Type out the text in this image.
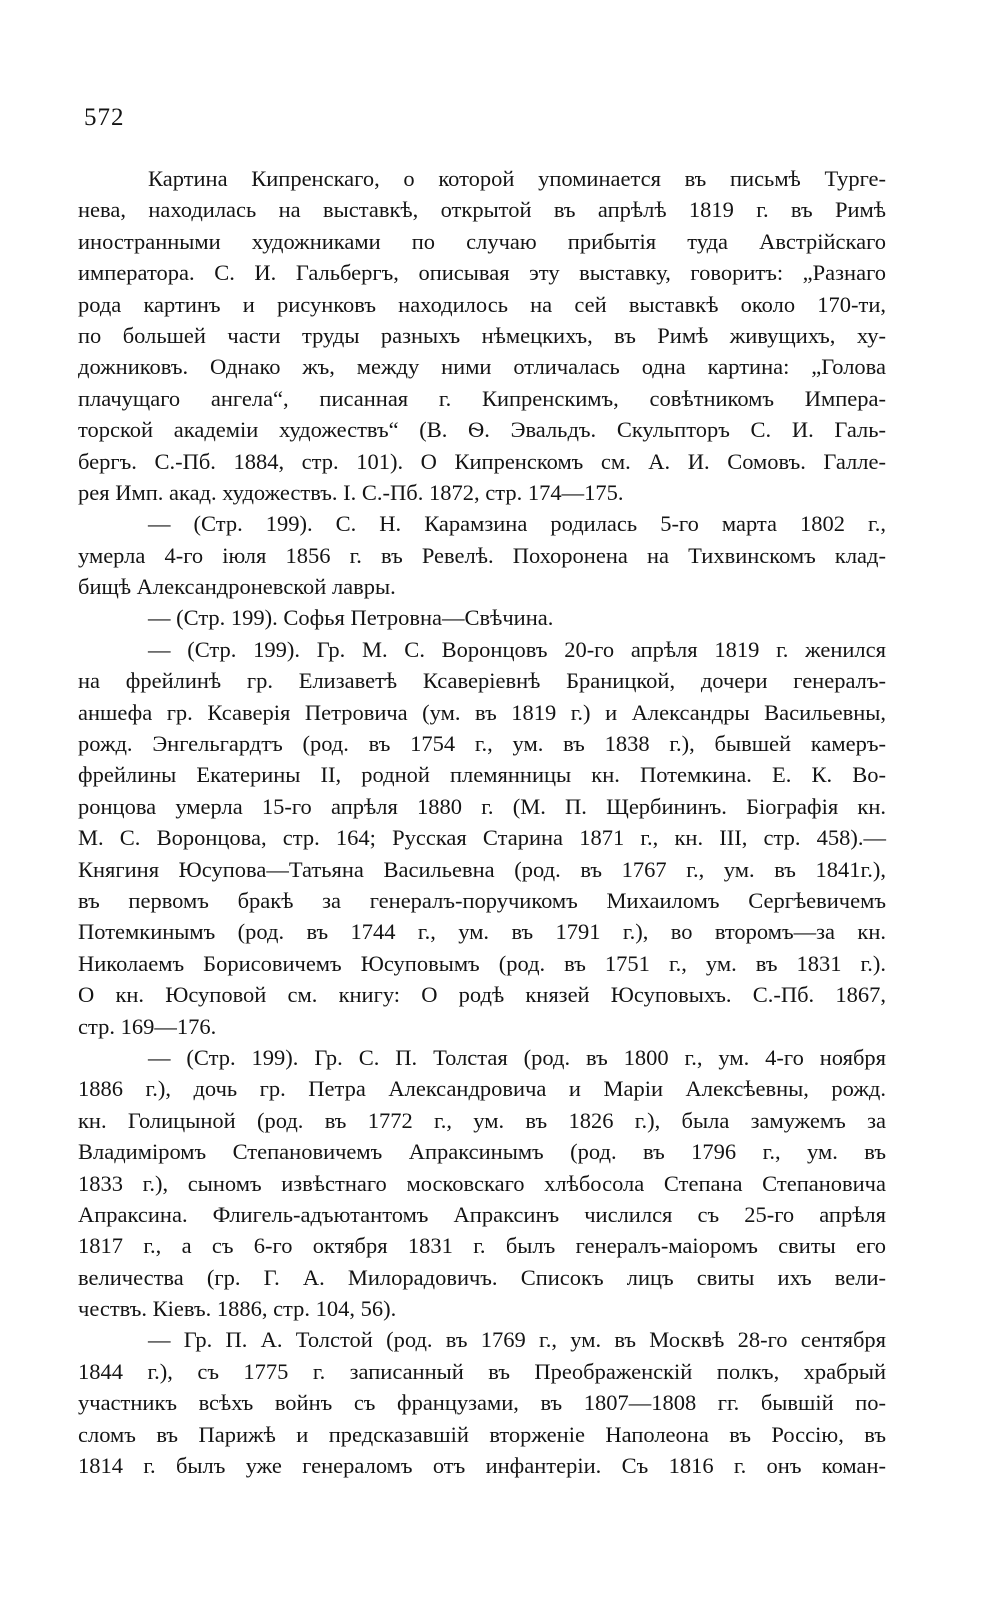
572
Картина Кипренскаго, о которой упоминается въ письмѣ Турге-
нева, находилась на выставкѣ, открытой въ апрѣлѣ 1819 г. въ Римѣ
иностранными художниками по случаю прибытія туда Австрійскаго
императора. С. И. Гальбергъ, описывая эту выставку, говоритъ: „Разнаго
рода картинъ и рисунковъ находилось на сей выставкѣ около 170-ти,
по большей части труды разныхъ нѣмецкихъ, въ Римѣ живущихъ, ху-
дожниковъ. Однако жъ, между ними отличалась одна картина: „Голова
плачущаго ангела“, писанная г. Кипренскимъ, совѣтникомъ Импера-
торской академіи художествъ“ (В. Ѳ. Эвальдъ. Скульпторъ С. И. Галь-
бергъ. С.-Пб. 1884, стр. 101). О Кипренскомъ см. А. И. Сомовъ. Галле-
рея Имп. акад. художествъ. I. С.-Пб. 1872, стр. 174—175.
— (Стр. 199). С. Н. Карамзина родилась 5-го марта 1802 г.,
умерла 4-го іюля 1856 г. въ Ревелѣ. Похоронена на Тихвинскомъ клад-
бищѣ Александроневской лавры.
— (Стр. 199). Софья Петровна—Свѣчина.
— (Стр. 199). Гр. М. С. Воронцовъ 20-го апрѣля 1819 г. женился
на фрейлинѣ гр. Елизаветѣ Ксаверіевнѣ Браницкой, дочери генералъ-
аншефа гр. Ксаверія Петровича (ум. въ 1819 г.) и Александры Васильевны,
рожд. Энгельгардтъ (род. въ 1754 г., ум. въ 1838 г.), бывшей камеръ-
фрейлины Екатерины II, родной племянницы кн. Потемкина. Е. К. Во-
ронцова умерла 15-го апрѣля 1880 г. (М. П. Щербининъ. Біографія кн.
М. С. Воронцова, стр. 164; Русская Старина 1871 г., кн. III, стр. 458).—
Княгиня Юсупова—Татьяна Васильевна (род. въ 1767 г., ум. въ 1841г.),
въ первомъ бракѣ за генералъ-поручикомъ Михаиломъ Сергѣевичемъ
Потемкинымъ (род. въ 1744 г., ум. въ 1791 г.), во второмъ—за кн.
Николаемъ Борисовичемъ Юсуповымъ (род. въ 1751 г., ум. въ 1831 г.).
О кн. Юсуповой см. книгу: О родѣ князей Юсуповыхъ. С.-Пб. 1867,
стр. 169—176.
— (Стр. 199). Гр. С. П. Толстая (род. въ 1800 г., ум. 4-го ноября
1886 г.), дочь гр. Петра Александровича и Маріи Алексѣевны, рожд.
кн. Голицыной (род. въ 1772 г., ум. въ 1826 г.), была замужемъ за
Владиміромъ Степановичемъ Апраксинымъ (род. въ 1796 г., ум. въ
1833 г.), сыномъ извѣстнаго московскаго хлѣбосола Степана Степановича
Апраксина. Флигель-адъютантомъ Апраксинъ числился съ 25-го апрѣля
1817 г., а съ 6-го октября 1831 г. былъ генералъ-маіоромъ свиты его
величества (гр. Г. А. Милорадовичъ. Списокъ лицъ свиты ихъ вели-
чествъ. Кіевъ. 1886, стр. 104, 56).
— Гр. П. А. Толстой (род. въ 1769 г., ум. въ Москвѣ 28-го сентября
1844 г.), съ 1775 г. записанный въ Преображенскій полкъ, храбрый
участникъ всѣхъ войнъ съ французами, въ 1807—1808 гг. бывшій по-
сломъ въ Парижѣ и предсказавшій вторженіе Наполеона въ Россію, въ
1814 г. былъ уже генераломъ отъ инфантеріи. Съ 1816 г. онъ коман-
